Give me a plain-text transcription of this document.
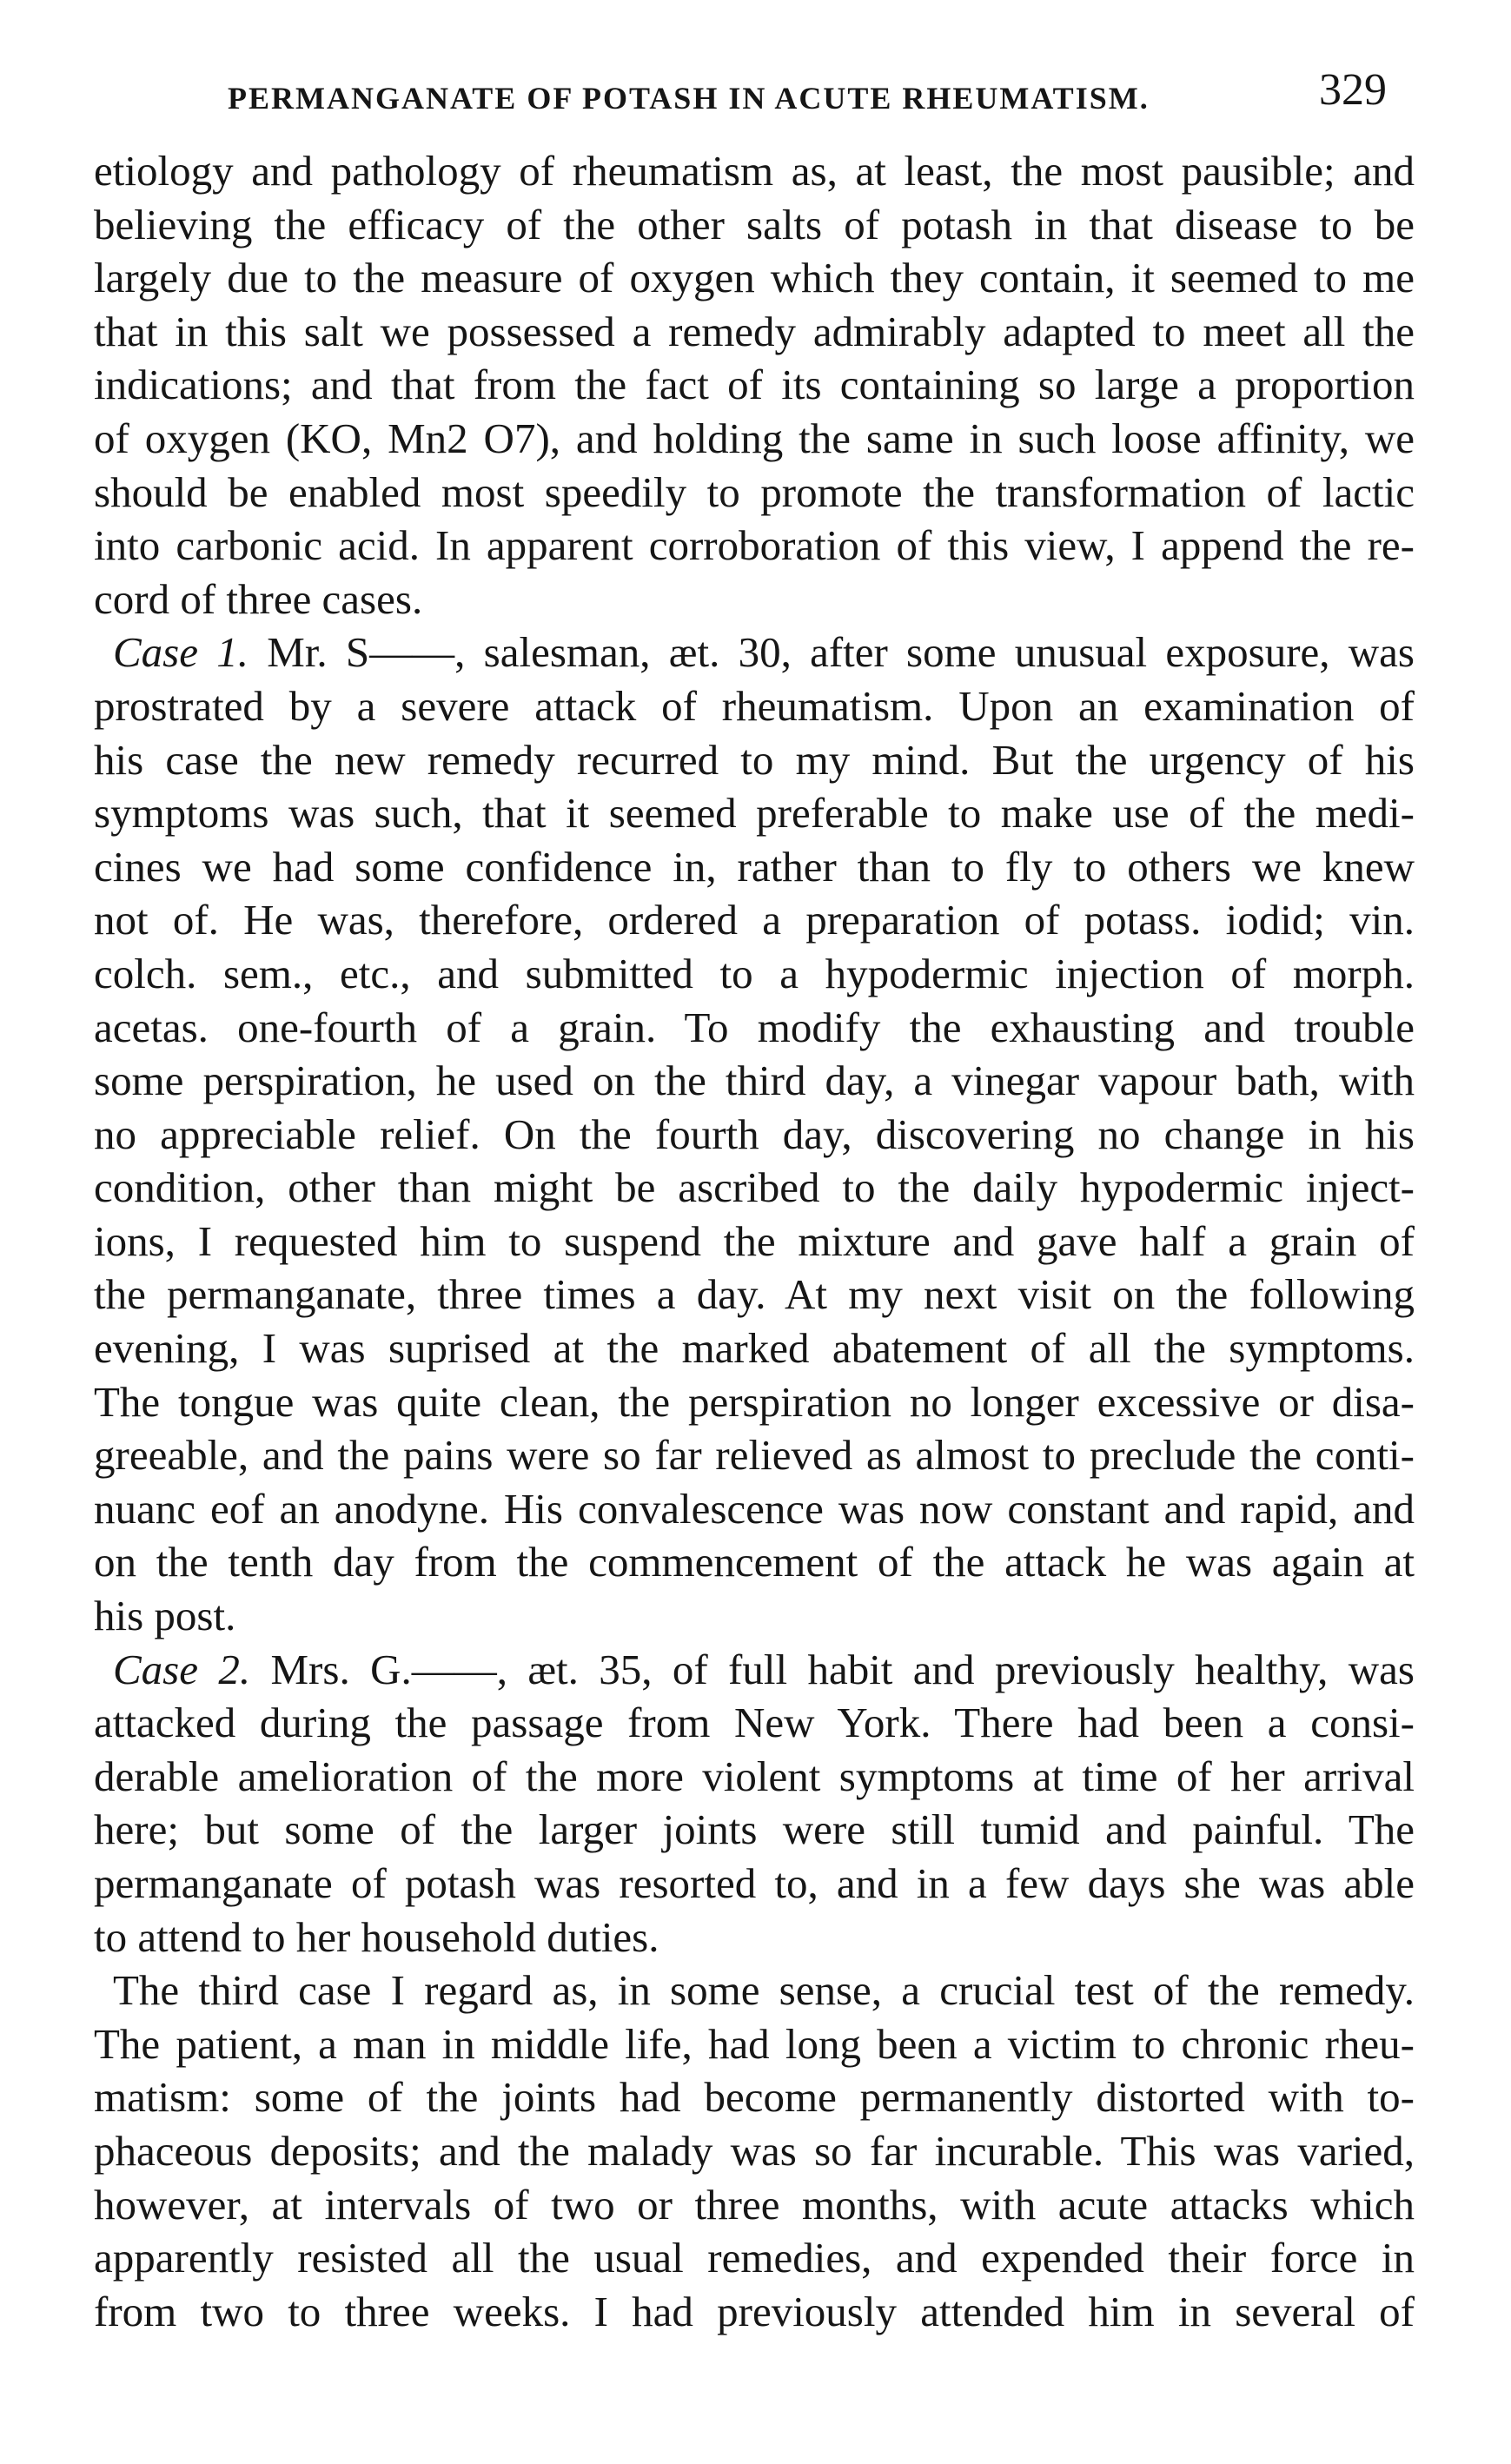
PERMANGANATE OF POTASH IN ACUTE RHEUMATISM.	329
etiology and pathology of rheumatism as, at least, the most pausible; and
believing the efficacy of the other salts of potash in that disease to be
largely due to the measure of oxygen which they contain, it seemed to me
that in this salt we possessed a remedy admirably adapted to meet all the
indications; and that from the fact of its containing so large a proportion
of oxygen (KO, Mn2 O7), and holding the same in such loose affinity, we
should be enabled most speedily to promote the transformation of lactic
into carbonic acid. In apparent corroboration of this view, I append the re-
cord of three cases.
Case 1. Mr. S——, salesman, æt. 30, after some unusual exposure, was
prostrated by a severe attack of rheumatism. Upon an examination of
his case the new remedy recurred to my mind. But the urgency of his
symptoms was such, that it seemed preferable to make use of the medi-
cines we had some confidence in, rather than to fly to others we knew
not of. He was, therefore, ordered a preparation of potass. iodid; vin.
colch. sem., etc., and submitted to a hypodermic injection of morph.
acetas. one-fourth of a grain. To modify the exhausting and trouble
some perspiration, he used on the third day, a vinegar vapour bath, with
no appreciable relief. On the fourth day, discovering no change in his
condition, other than might be ascribed to the daily hypodermic inject-
ions, I requested him to suspend the mixture and gave half a grain of
the permanganate, three times a day. At my next visit on the following
evening, I was suprised at the marked abatement of all the symptoms.
The tongue was quite clean, the perspiration no longer excessive or disa-
greeable, and the pains were so far relieved as almost to preclude the conti-
nuanc eof an anodyne. His convalescence was now constant and rapid, and
on the tenth day from the commencement of the attack he was again at
his post.
Case 2. Mrs. G.——, æt. 35, of full habit and previously healthy, was
attacked during the passage from New York. There had been a consi-
derable amelioration of the more violent symptoms at time of her arrival
here; but some of the larger joints were still tumid and painful. The
permanganate of potash was resorted to, and in a few days she was able
to attend to her household duties.
The third case I regard as, in some sense, a crucial test of the remedy.
The patient, a man in middle life, had long been a victim to chronic rheu-
matism: some of the joints had become permanently distorted with to-
phaceous deposits; and the malady was so far incurable. This was varied,
however, at intervals of two or three months, with acute attacks which
apparently resisted all the usual remedies, and expended their force in
from two to three weeks. I had previously attended him in several of
